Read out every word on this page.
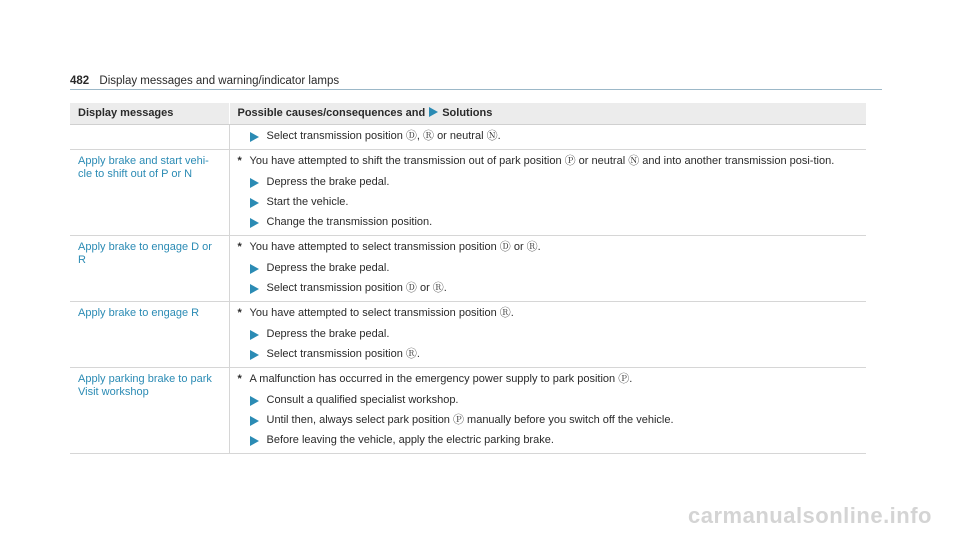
482 Display messages and warning/indicator lamps
Display messages	Possible causes/consequences and Solutions

	Select transmission position Ⓓ, Ⓡ or neutral Ⓝ.

Apply brake and start vehi-cle to shift out of P or N	* You have attempted to shift the transmission out of park position Ⓟ or neutral Ⓝ and into another transmission posi-tion.
Depress the brake pedal.
Start the vehicle.
Change the transmission position.

Apply brake to engage D or R	* You have attempted to select transmission position Ⓓ or Ⓡ.
Depress the brake pedal.
Select transmission position Ⓓ or Ⓡ.

Apply brake to engage R	* You have attempted to select transmission position Ⓡ.
Depress the brake pedal.
Select transmission position Ⓡ.

Apply parking brake to park Visit workshop	* A malfunction has occurred in the emergency power supply to park position Ⓟ.
Consult a qualified specialist workshop.
Until then, always select park position Ⓟ manually before you switch off the vehicle.
Before leaving the vehicle, apply the electric parking brake.
carmanualsonline.info
